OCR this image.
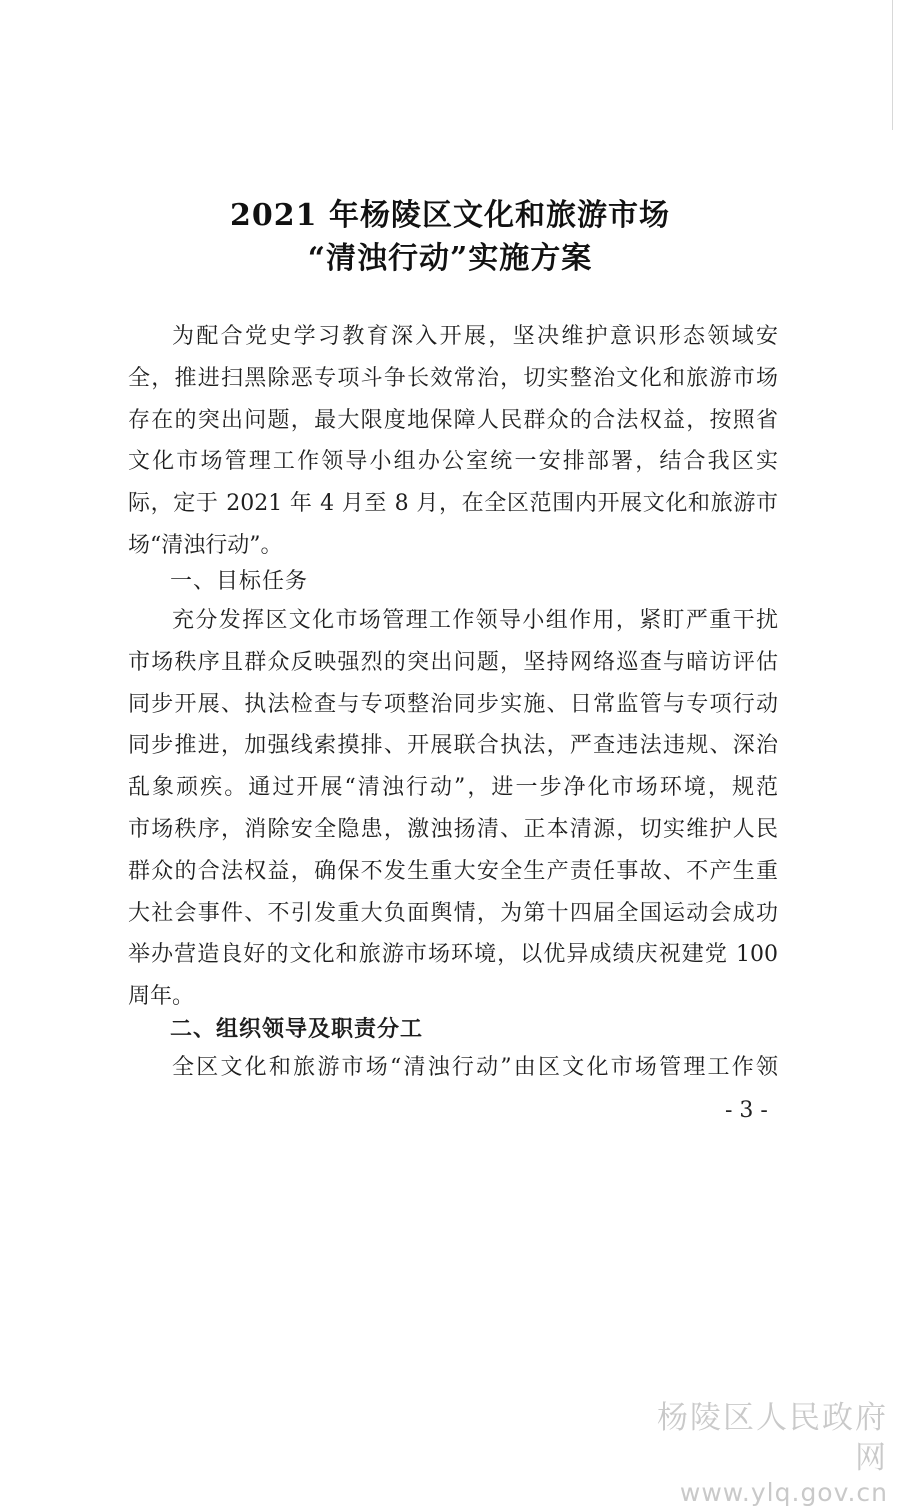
2021 年杨陵区文化和旅游市场
“清浊行动”实施方案
为配合党史学习教育深入开展，坚决维护意识形态领域安
全，推进扫黑除恶专项斗争长效常治，切实整治文化和旅游市场
存在的突出问题，最大限度地保障人民群众的合法权益，按照省
文化市场管理工作领导小组办公室统一安排部署，结合我区实
际，定于 2021 年 4 月至 8 月，在全区范围内开展文化和旅游市
场“清浊行动”。
一、目标任务
充分发挥区文化市场管理工作领导小组作用，紧盯严重干扰
市场秩序且群众反映强烈的突出问题，坚持网络巡查与暗访评估
同步开展、执法检查与专项整治同步实施、日常监管与专项行动
同步推进，加强线索摸排、开展联合执法，严查违法违规、深治
乱象顽疾。通过开展“清浊行动”，进一步净化市场环境，规范
市场秩序，消除安全隐患，激浊扬清、正本清源，切实维护人民
群众的合法权益，确保不发生重大安全生产责任事故、不产生重
大社会事件、不引发重大负面舆情，为第十四届全国运动会成功
举办营造良好的文化和旅游市场环境，以优异成绩庆祝建党 100
周年。
二、组织领导及职责分工
全区文化和旅游市场“清浊行动”由区文化市场管理工作领
- 3 -
杨陵区人民政府网
www.ylq.gov.cn
